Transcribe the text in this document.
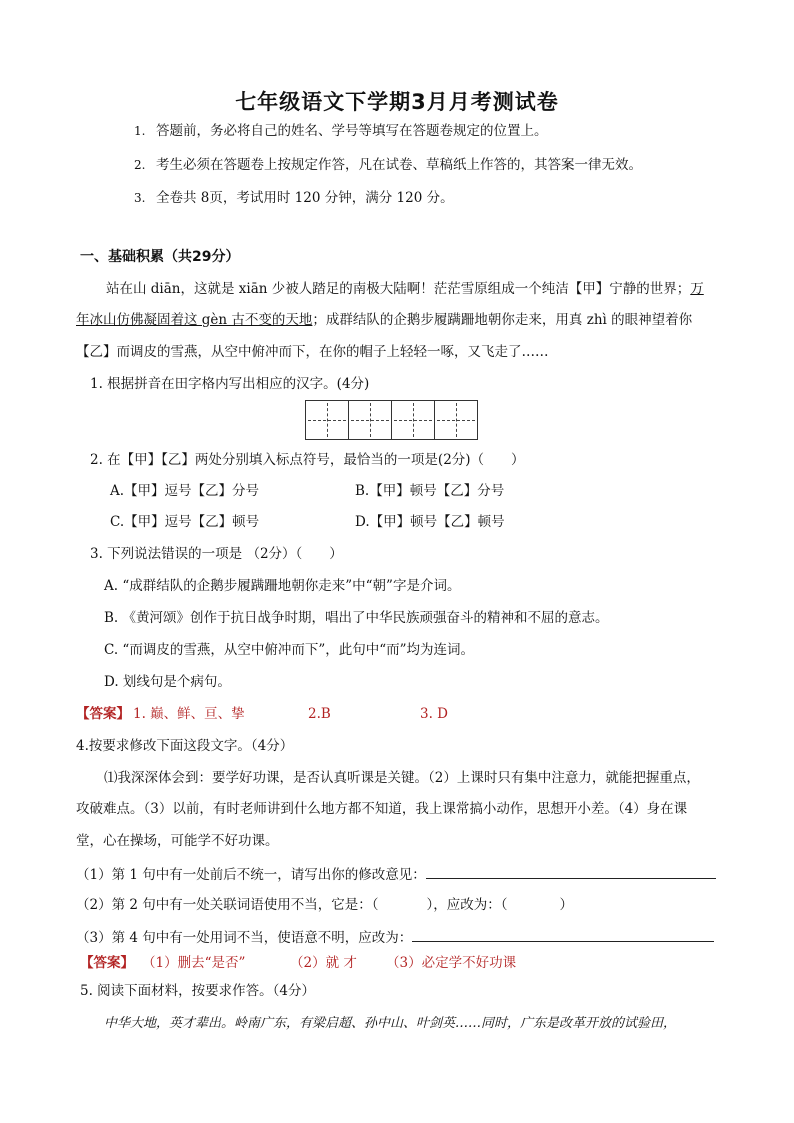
七年级语文下学期3月月考测试卷
1. 答题前，务必将自己的姓名、学号等填写在答题卷规定的位置上。
2. 考生必须在答题卷上按规定作答，凡在试卷、草稿纸上作答的，其答案一律无效。
3. 全卷共 8页，考试用时 120 分钟，满分 120 分。
一、基础积累（共29分）
站在山 diān，这就是 xiān 少被人踏足的南极大陆啊！茫茫雪原组成一个纯洁【甲】宁静的世界；万
年冰山仿佛凝固着这 gèn 古不变的天地；成群结队的企鹅步履蹒跚地朝你走来，用真 zhì 的眼神望着你
【乙】而调皮的雪燕，从空中俯冲而下，在你的帽子上轻轻一啄，又飞走了……
1. 根据拼音在田字格内写出相应的汉字。(4分)
2. 在【甲】【乙】两处分别填入标点符号，最恰当的一项是(2分)（　　）
A.【甲】逗号【乙】分号	B.【甲】顿号【乙】分号
C.【甲】逗号【乙】顿号	D.【甲】顿号【乙】顿号
3. 下列说法错误的一项是 （2分）（　　）
A. “成群结队的企鹅步履蹒跚地朝你走来”中“朝”字是介词。
B. 《黄河颂》创作于抗日战争时期，唱出了中华民族顽强奋斗的精神和不屈的意志。
C. “而调皮的雪燕，从空中俯冲而下”，此句中“而”均为连词。
D. 划线句是个病句。
【答案】 1. 巅、鲜、亘、挚	2.B	3. D
4.按要求修改下面这段文字。（4分）
⑴我深深体会到：要学好功课，是否认真听课是关键。（2）上课时只有集中注意力，就能把握重点，
攻破难点。（3）以前，有时老师讲到什么地方都不知道，我上课常搞小动作，思想开小差。（4）身在课
堂，心在操场，可能学不好功课。
（1）第 1 句中有一处前后不统一，请写出你的修改意见：
（2）第 2 句中有一处关联词语使用不当，它是：（	），应改为：（	）
（3）第 4 句中有一处用词不当，使语意不明，应改为：
【答案】 （1）删去“是否”	（2）就 才 （3）必定学不好功课
5. 阅读下面材料，按要求作答。（4分）
中华大地，英才辈出。岭南广东，有梁启超、孙中山、叶剑英……同时，广东是改革开放的试验田，
